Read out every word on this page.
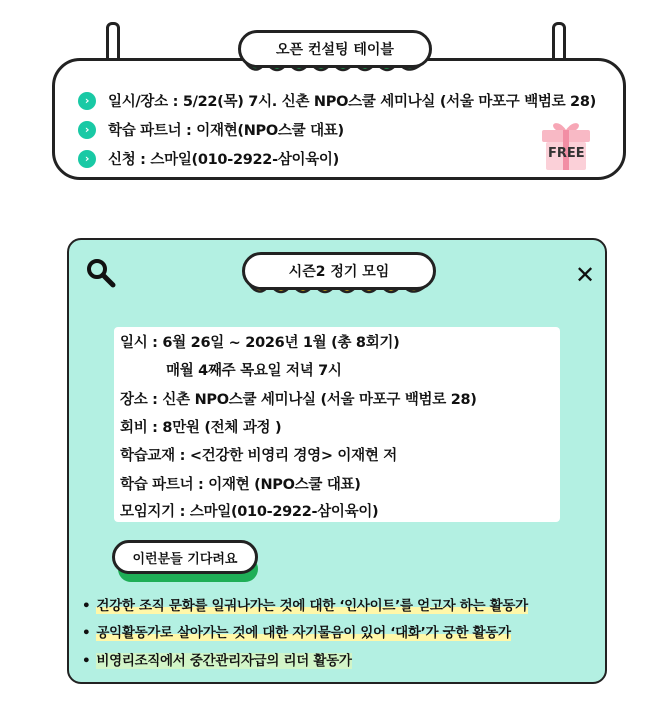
오픈 컨설팅 테이블
›	일시/장소 : 5/22(목) 7시. 신촌 NPO스쿨 세미나실 (서울 마포구 백범로 28)
›	학습 파트너 : 이재현(NPO스쿨 대표)
›	신청 : 스마일(010-2922-삼이육이)	FREE
✕
시즌2 정기 모임
일시 : 6월 26일 ~ 2026년 1월 (총 8회기)
매월 4째주 목요일 저녁 7시
장소 : 신촌 NPO스쿨 세미나실 (서울 마포구 백범로 28)
회비 : 8만원 (전체 과정 )
학습교재 : <건강한 비영리 경영> 이재현 저
학습 파트너 : 이재현 (NPO스쿨 대표)
모임지기 : 스마일(010-2922-삼이육이)
이런분들 기다려요
• 건강한 조직 문화를 일궈나가는 것에 대한 ‘인사이트’를 얻고자 하는 활동가
• 공익활동가로 살아가는 것에 대한 자기물음이 있어 ‘대화’가 궁한 활동가
• 비영리조직에서 중간관리자급의 리더 활동가
